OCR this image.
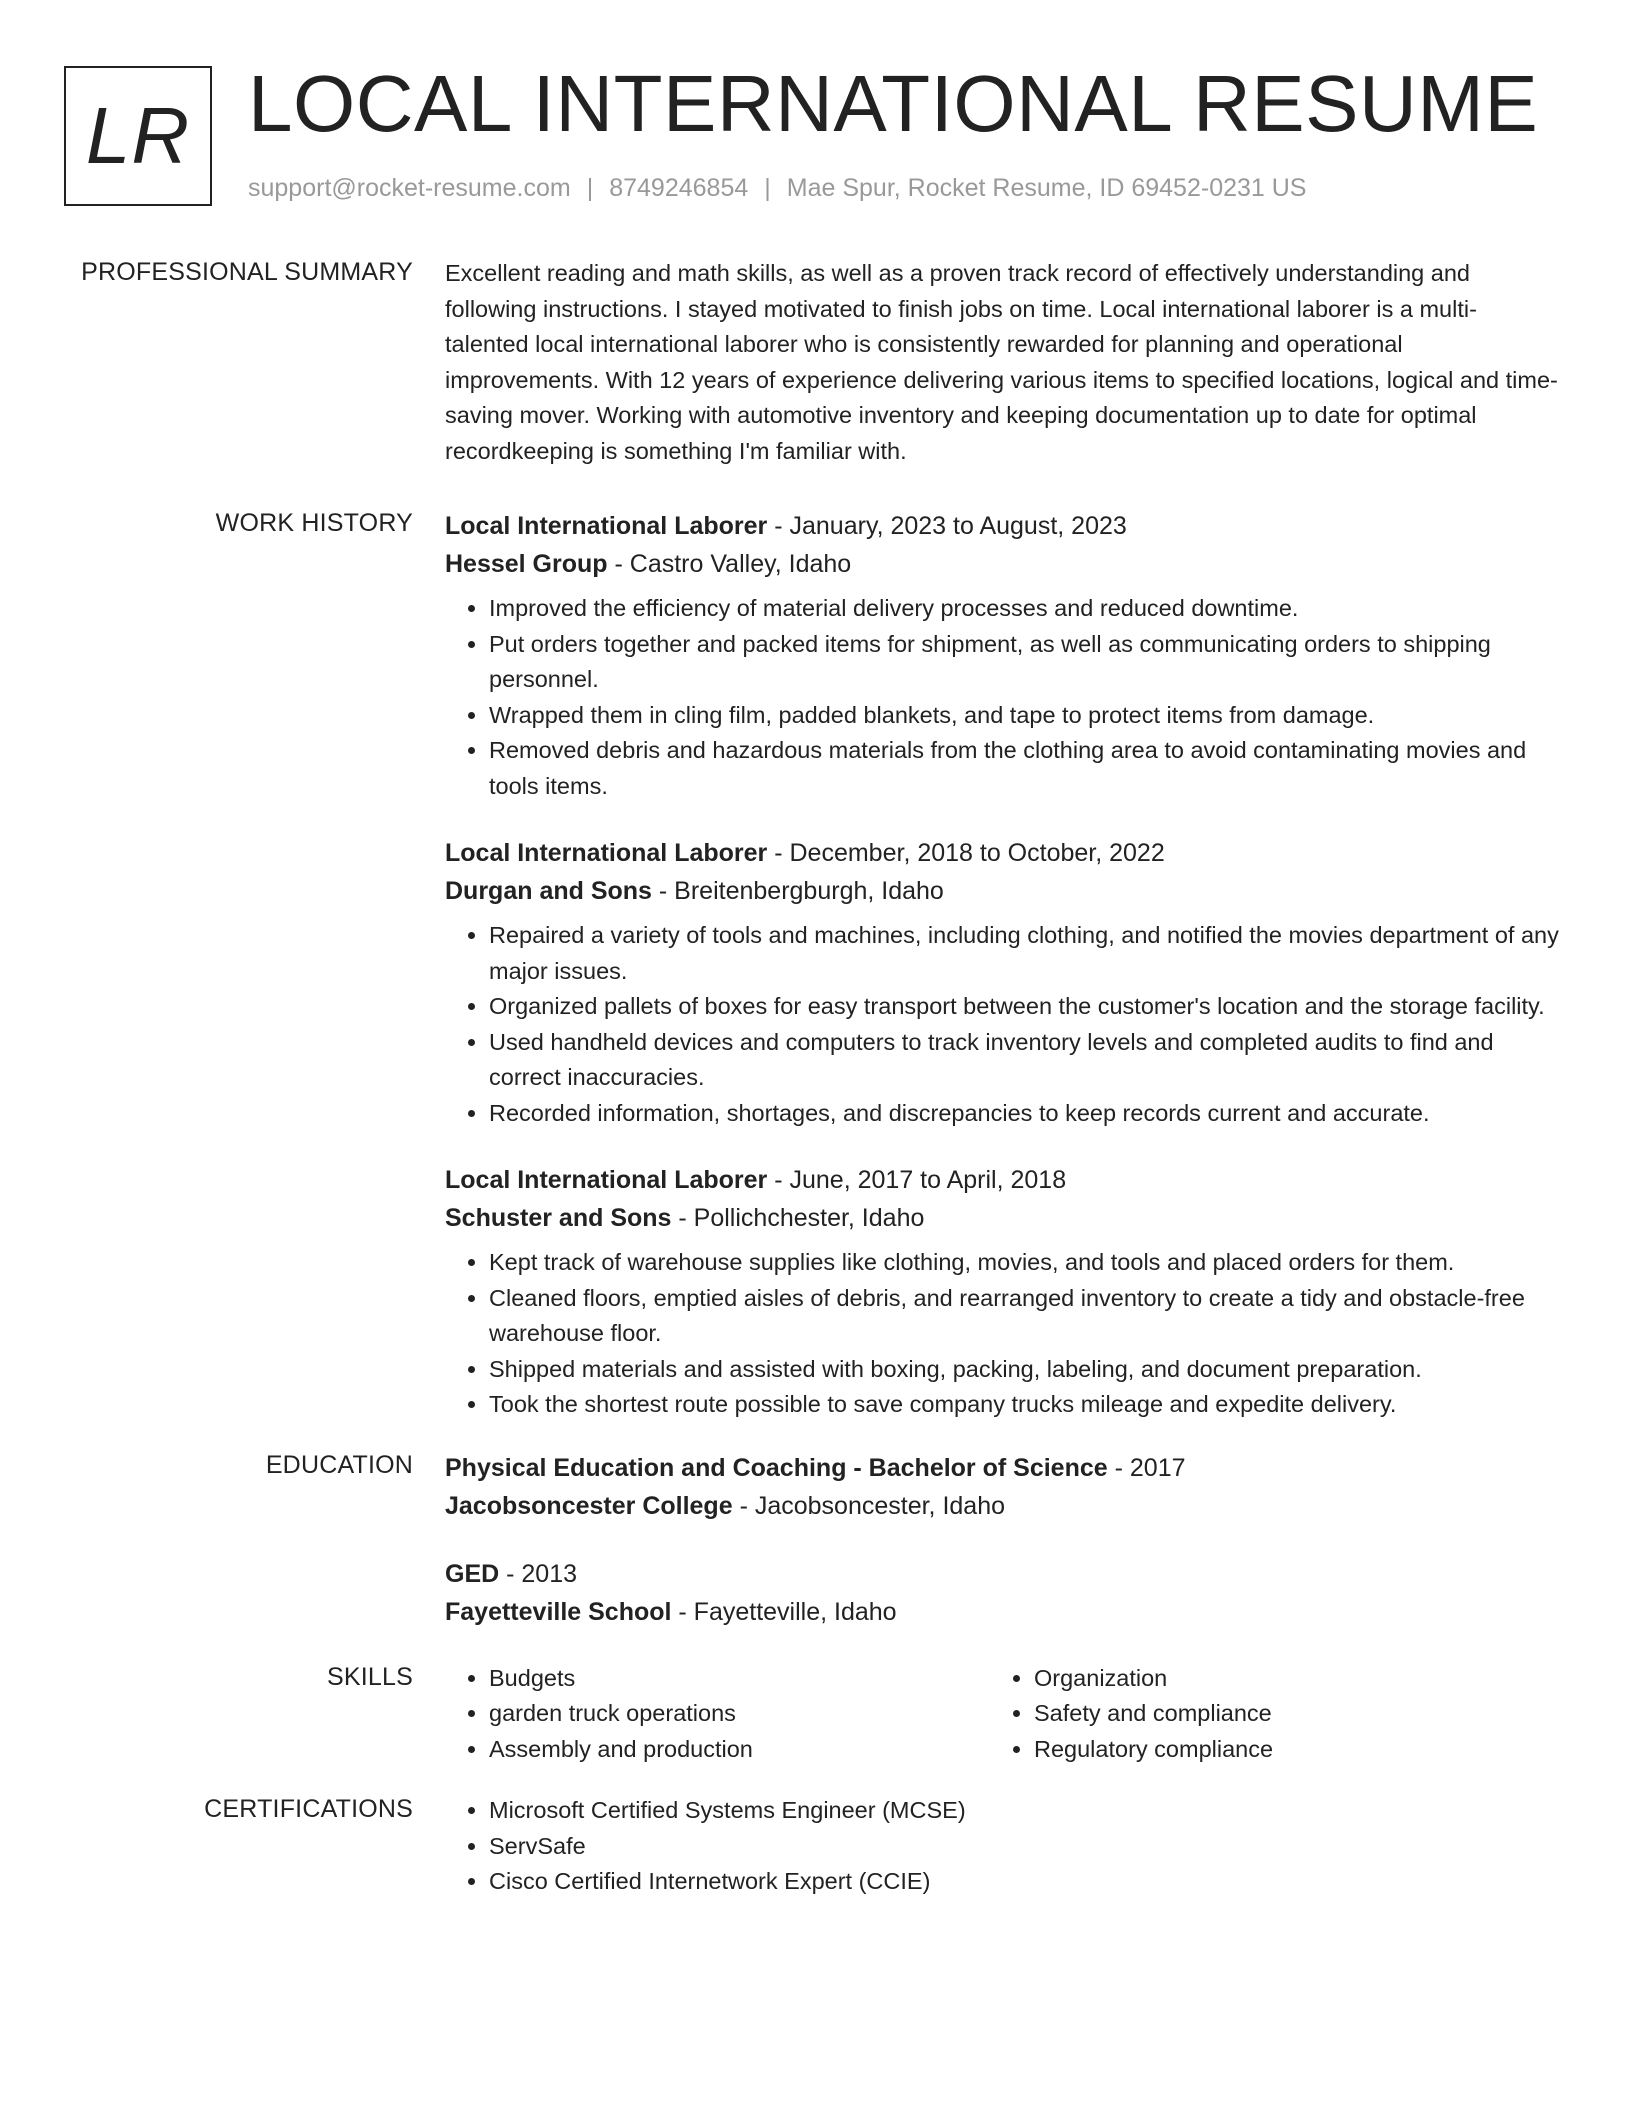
LR LOCAL INTERNATIONAL RESUME
support@rocket-resume.com | 8749246854 | Mae Spur, Rocket Resume, ID 69452-0231 US
PROFESSIONAL SUMMARY Excellent reading and math skills, as well as a proven track record of effectively understanding and following instructions. I stayed motivated to finish jobs on time. Local international laborer is a multi-talented local international laborer who is consistently rewarded for planning and operational improvements. With 12 years of experience delivering various items to specified locations, logical and time-saving mover. Working with automotive inventory and keeping documentation up to date for optimal recordkeeping is something I'm familiar with.

WORK HISTORY Local International Laborer - January, 2023 to August, 2023
Hessel Group - Castro Valley, Idaho
• Improved the efficiency of material delivery processes and reduced downtime.
• Put orders together and packed items for shipment, as well as communicating orders to shipping personnel.
• Wrapped them in cling film, padded blankets, and tape to protect items from damage.
• Removed debris and hazardous materials from the clothing area to avoid contaminating movies and tools items.
Local International Laborer - December, 2018 to October, 2022
Durgan and Sons - Breitenbergburgh, Idaho
• Repaired a variety of tools and machines, including clothing, and notified the movies department of any major issues.
• Organized pallets of boxes for easy transport between the customer's location and the storage facility.
• Used handheld devices and computers to track inventory levels and completed audits to find and correct inaccuracies.
• Recorded information, shortages, and discrepancies to keep records current and accurate.
Local International Laborer - June, 2017 to April, 2018
Schuster and Sons - Pollichchester, Idaho
• Kept track of warehouse supplies like clothing, movies, and tools and placed orders for them.
• Cleaned floors, emptied aisles of debris, and rearranged inventory to create a tidy and obstacle-free warehouse floor.
• Shipped materials and assisted with boxing, packing, labeling, and document preparation.
• Took the shortest route possible to save company trucks mileage and expedite delivery.
EDUCATION Physical Education and Coaching - Bachelor of Science - 2017
Jacobsoncester College - Jacobsoncester, Idaho
GED - 2013
Fayetteville School - Fayetteville, Idaho
SKILLS	• Budgets
• garden truck operations
• Assembly and production
• Organization
• Safety and compliance
• Regulatory compliance
CERTIFICATIONS	• Microsoft Certified Systems Engineer (MCSE)
• ServSafe
• Cisco Certified Internetwork Expert (CCIE)
